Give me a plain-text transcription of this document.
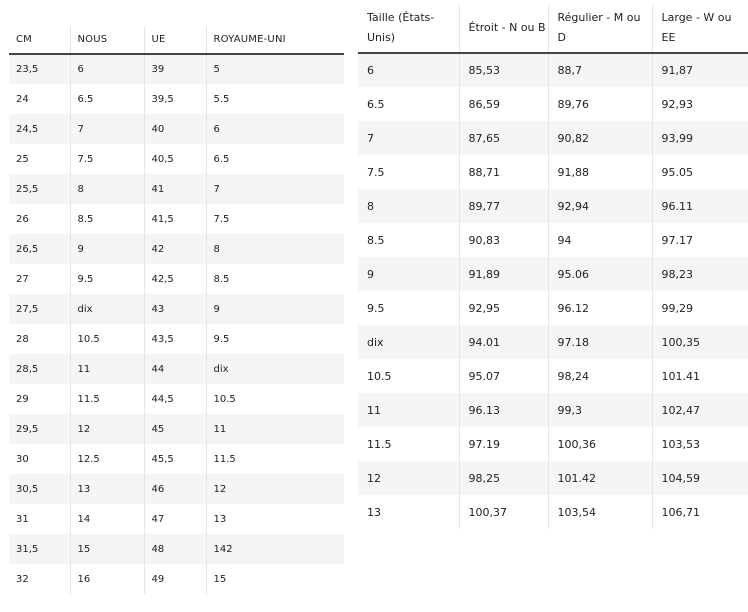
CM	NOUS	UE	ROYAUME-UNI
23,5	6	39	5
24	6.5	39,5	5.5
24,5	7	40	6
25	7.5	40,5	6.5
25,5	8	41	7
26	8.5	41,5	7.5
26,5	9	42	8
27	9.5	42,5	8.5
27,5	dix	43	9
28	10.5	43,5	9.5
28,5	11	44	dix
29	11.5	44,5	10.5
29,5	12	45	11
30	12.5	45,5	11.5
30,5	13	46	12
31	14	47	13
31,5	15	48	142
32	16	49	15
Taille (États-Unis)	Étroit - N ou B	Régulier - M ou D	Large - W ou EE
6	85,53	88,7	91,87
6.5	86,59	89,76	92,93
7	87,65	90,82	93,99
7.5	88,71	91,88	95.05
8	89,77	92,94	96.11
8.5	90,83	94	97.17
9	91,89	95.06	98,23
9.5	92,95	96.12	99,29
dix	94.01	97.18	100,35
10.5	95.07	98,24	101.41
11	96.13	99,3	102,47
11.5	97.19	100,36	103,53
12	98,25	101.42	104,59
13	100,37	103,54	106,71
